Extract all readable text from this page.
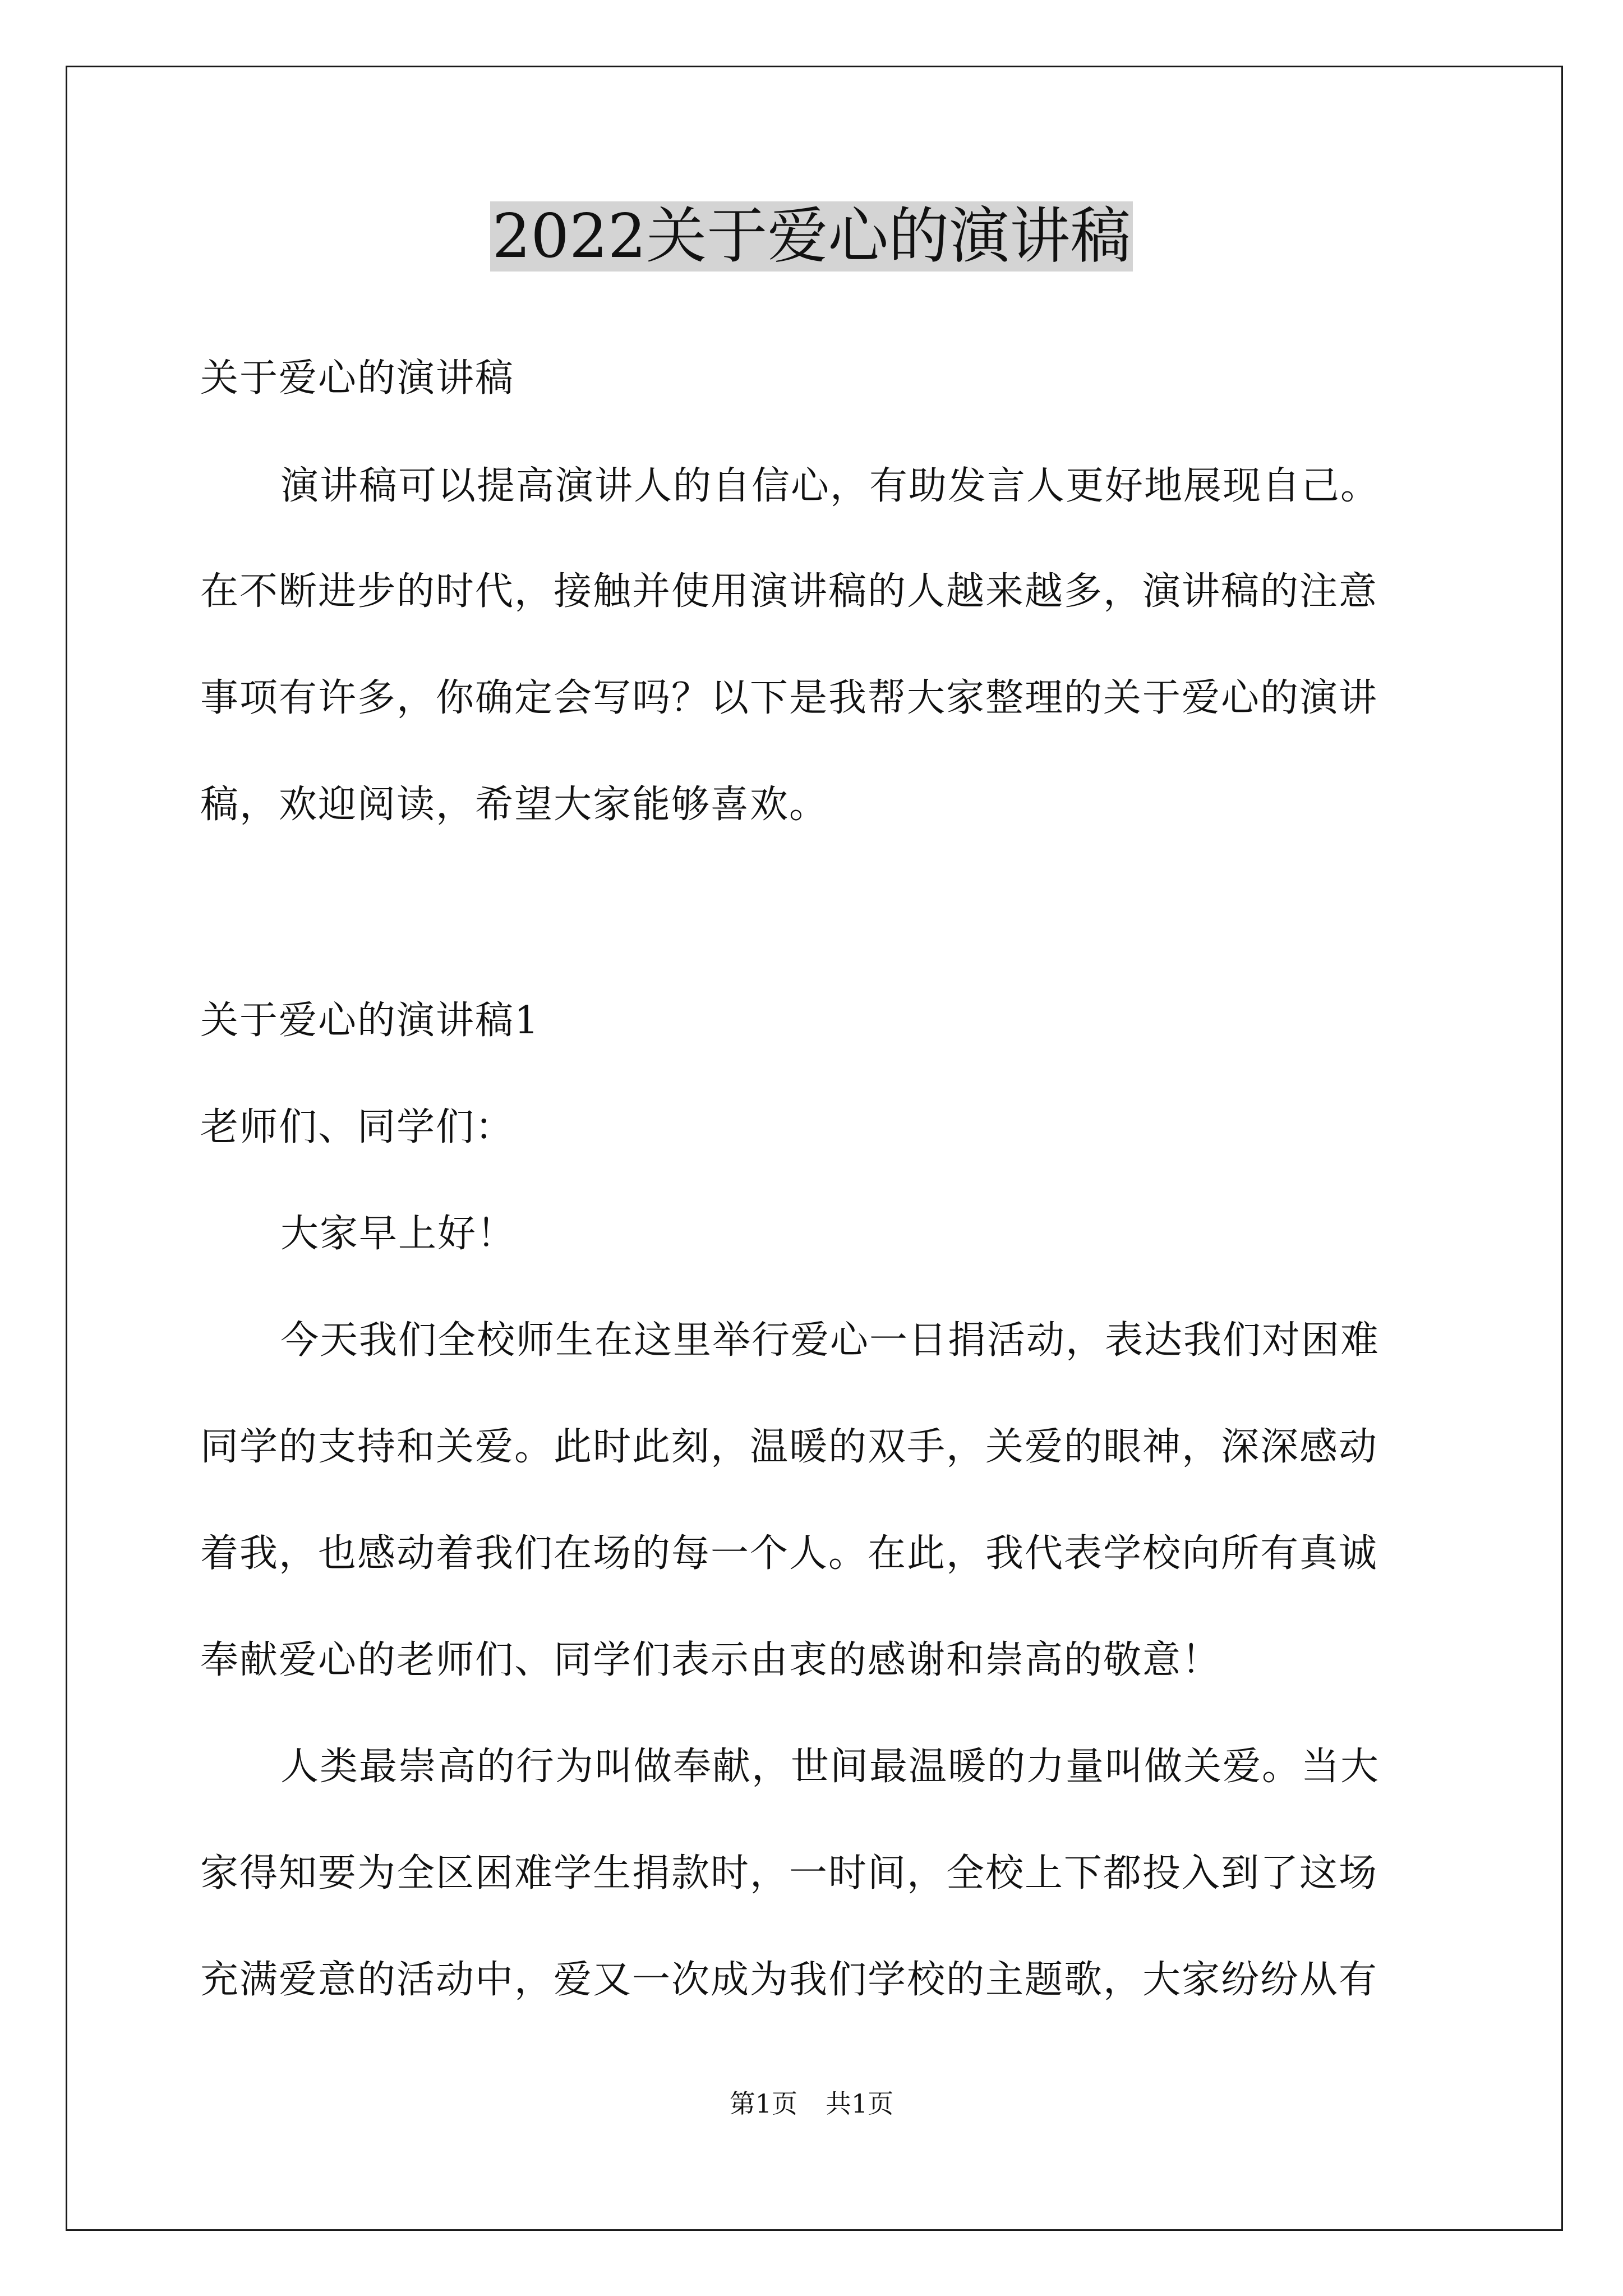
2022关于爱心的演讲稿
关于爱心的演讲稿
演讲稿可以提高演讲人的自信心，有助发言人更好地展现自己。
在不断进步的时代，接触并使用演讲稿的人越来越多，演讲稿的注意
事项有许多，你确定会写吗？以下是我帮大家整理的关于爱心的演讲
稿，欢迎阅读，希望大家能够喜欢。
关于爱心的演讲稿1
老师们、同学们：
大家早上好！
今天我们全校师生在这里举行爱心一日捐活动，表达我们对困难
同学的支持和关爱。此时此刻，温暖的双手，关爱的眼神，深深感动
着我，也感动着我们在场的每一个人。在此，我代表学校向所有真诚
奉献爱心的老师们、同学们表示由衷的感谢和崇高的敬意！
人类最崇高的行为叫做奉献，世间最温暖的力量叫做关爱。当大
家得知要为全区困难学生捐款时，一时间，全校上下都投入到了这场
充满爱意的活动中，爱又一次成为我们学校的主题歌，大家纷纷从有
第1页 共1页
